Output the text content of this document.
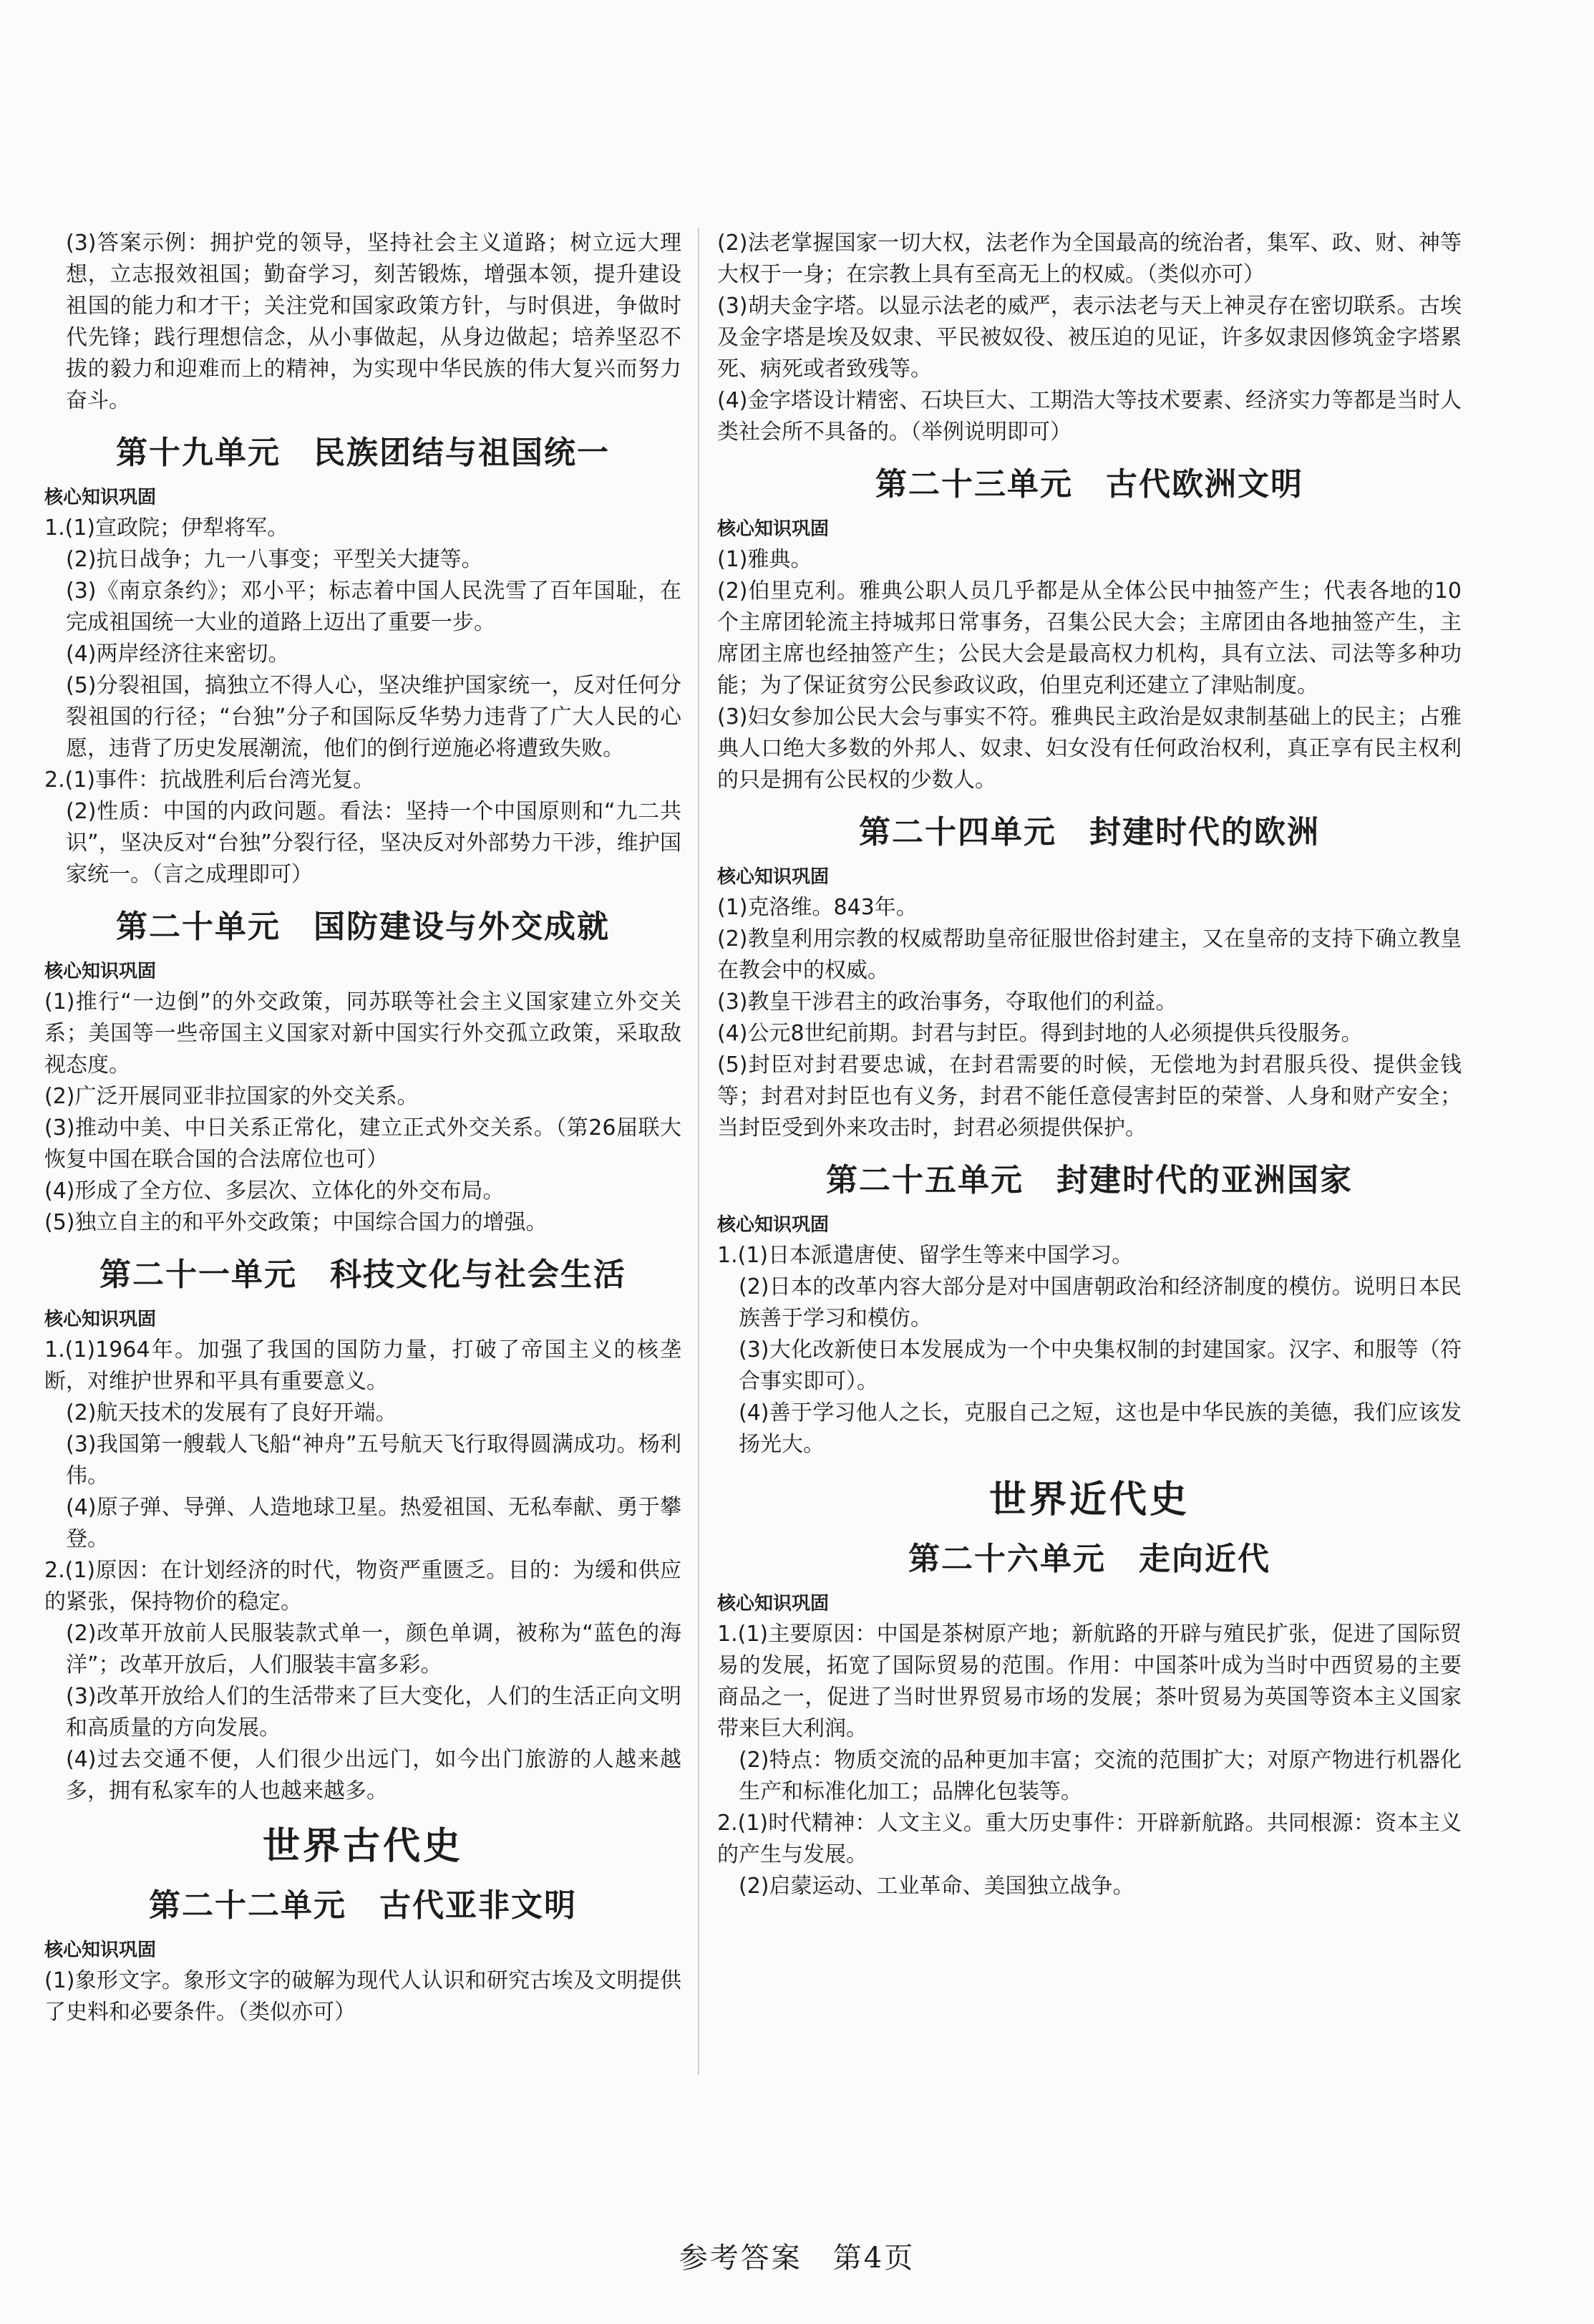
(3)答案示例：拥护党的领导，坚持社会主义道路；树立远大理想，立志报效祖国；勤奋学习，刻苦锻炼，增强本领，提升建设祖国的能力和才干；关注党和国家政策方针，与时俱进，争做时代先锋；践行理想信念，从小事做起，从身边做起；培养坚忍不拔的毅力和迎难而上的精神，为实现中华民族的伟大复兴而努力奋斗。

第十九单元　民族团结与祖国统一

核心知识巩固

1.(1)宣政院；伊犁将军。

(2)抗日战争；九一八事变；平型关大捷等。

(3)《南京条约》；邓小平；标志着中国人民洗雪了百年国耻，在完成祖国统一大业的道路上迈出了重要一步。

(4)两岸经济往来密切。

(5)分裂祖国，搞独立不得人心，坚决维护国家统一，反对任何分裂祖国的行径；“台独”分子和国际反华势力违背了广大人民的心愿，违背了历史发展潮流，他们的倒行逆施必将遭致失败。

2.(1)事件：抗战胜利后台湾光复。

(2)性质：中国的内政问题。看法：坚持一个中国原则和“九二共识”，坚决反对“台独”分裂行径，坚决反对外部势力干涉，维护国家统一。（言之成理即可）

第二十单元　国防建设与外交成就

核心知识巩固

(1)推行“一边倒”的外交政策，同苏联等社会主义国家建立外交关系；美国等一些帝国主义国家对新中国实行外交孤立政策，采取敌视态度。

(2)广泛开展同亚非拉国家的外交关系。

(3)推动中美、中日关系正常化，建立正式外交关系。（第26届联大恢复中国在联合国的合法席位也可）

(4)形成了全方位、多层次、立体化的外交布局。

(5)独立自主的和平外交政策；中国综合国力的增强。

第二十一单元　科技文化与社会生活

核心知识巩固

1.(1)1964年。加强了我国的国防力量，打破了帝国主义的核垄断，对维护世界和平具有重要意义。

(2)航天技术的发展有了良好开端。

(3)我国第一艘载人飞船“神舟”五号航天飞行取得圆满成功。杨利伟。

(4)原子弹、导弹、人造地球卫星。热爱祖国、无私奉献、勇于攀登。

2.(1)原因：在计划经济的时代，物资严重匮乏。目的：为缓和供应的紧张，保持物价的稳定。

(2)改革开放前人民服装款式单一，颜色单调，被称为“蓝色的海洋”；改革开放后，人们服装丰富多彩。

(3)改革开放给人们的生活带来了巨大变化，人们的生活正向文明和高质量的方向发展。

(4)过去交通不便，人们很少出远门，如今出门旅游的人越来越多，拥有私家车的人也越来越多。

世界古代史
第二十二单元　古代亚非文明

核心知识巩固

(1)象形文字。象形文字的破解为现代人认识和研究古埃及文明提供了史料和必要条件。（类似亦可）

(2)法老掌握国家一切大权，法老作为全国最高的统治者，集军、政、财、神等大权于一身；在宗教上具有至高无上的权威。（类似亦可）

(3)胡夫金字塔。以显示法老的威严，表示法老与天上神灵存在密切联系。古埃及金字塔是埃及奴隶、平民被奴役、被压迫的见证，许多奴隶因修筑金字塔累死、病死或者致残等。

(4)金字塔设计精密、石块巨大、工期浩大等技术要素、经济实力等都是当时人类社会所不具备的。（举例说明即可）

第二十三单元　古代欧洲文明

核心知识巩固

(1)雅典。

(2)伯里克利。雅典公职人员几乎都是从全体公民中抽签产生；代表各地的10个主席团轮流主持城邦日常事务，召集公民大会；主席团由各地抽签产生，主席团主席也经抽签产生；公民大会是最高权力机构，具有立法、司法等多种功能；为了保证贫穷公民参政议政，伯里克利还建立了津贴制度。

(3)妇女参加公民大会与事实不符。雅典民主政治是奴隶制基础上的民主；占雅典人口绝大多数的外邦人、奴隶、妇女没有任何政治权利，真正享有民主权利的只是拥有公民权的少数人。

第二十四单元　封建时代的欧洲

核心知识巩固

(1)克洛维。843年。

(2)教皇利用宗教的权威帮助皇帝征服世俗封建主，又在皇帝的支持下确立教皇在教会中的权威。

(3)教皇干涉君主的政治事务，夺取他们的利益。

(4)公元8世纪前期。封君与封臣。得到封地的人必须提供兵役服务。

(5)封臣对封君要忠诚，在封君需要的时候，无偿地为封君服兵役、提供金钱等；封君对封臣也有义务，封君不能任意侵害封臣的荣誉、人身和财产安全；当封臣受到外来攻击时，封君必须提供保护。

第二十五单元　封建时代的亚洲国家

核心知识巩固

1.(1)日本派遣唐使、留学生等来中国学习。

(2)日本的改革内容大部分是对中国唐朝政治和经济制度的模仿。说明日本民族善于学习和模仿。

(3)大化改新使日本发展成为一个中央集权制的封建国家。汉字、和服等（符合事实即可）。

(4)善于学习他人之长，克服自己之短，这也是中华民族的美德，我们应该发扬光大。

世界近代史
第二十六单元　走向近代

核心知识巩固

1.(1)主要原因：中国是茶树原产地；新航路的开辟与殖民扩张，促进了国际贸易的发展，拓宽了国际贸易的范围。作用：中国茶叶成为当时中西贸易的主要商品之一，促进了当时世界贸易市场的发展；茶叶贸易为英国等资本主义国家带来巨大利润。

(2)特点：物质交流的品种更加丰富；交流的范围扩大；对原产物进行机器化生产和标准化加工；品牌化包装等。

2.(1)时代精神：人文主义。重大历史事件：开辟新航路。共同根源：资本主义的产生与发展。

(2)启蒙运动、工业革命、美国独立战争。

参考答案　第4页
